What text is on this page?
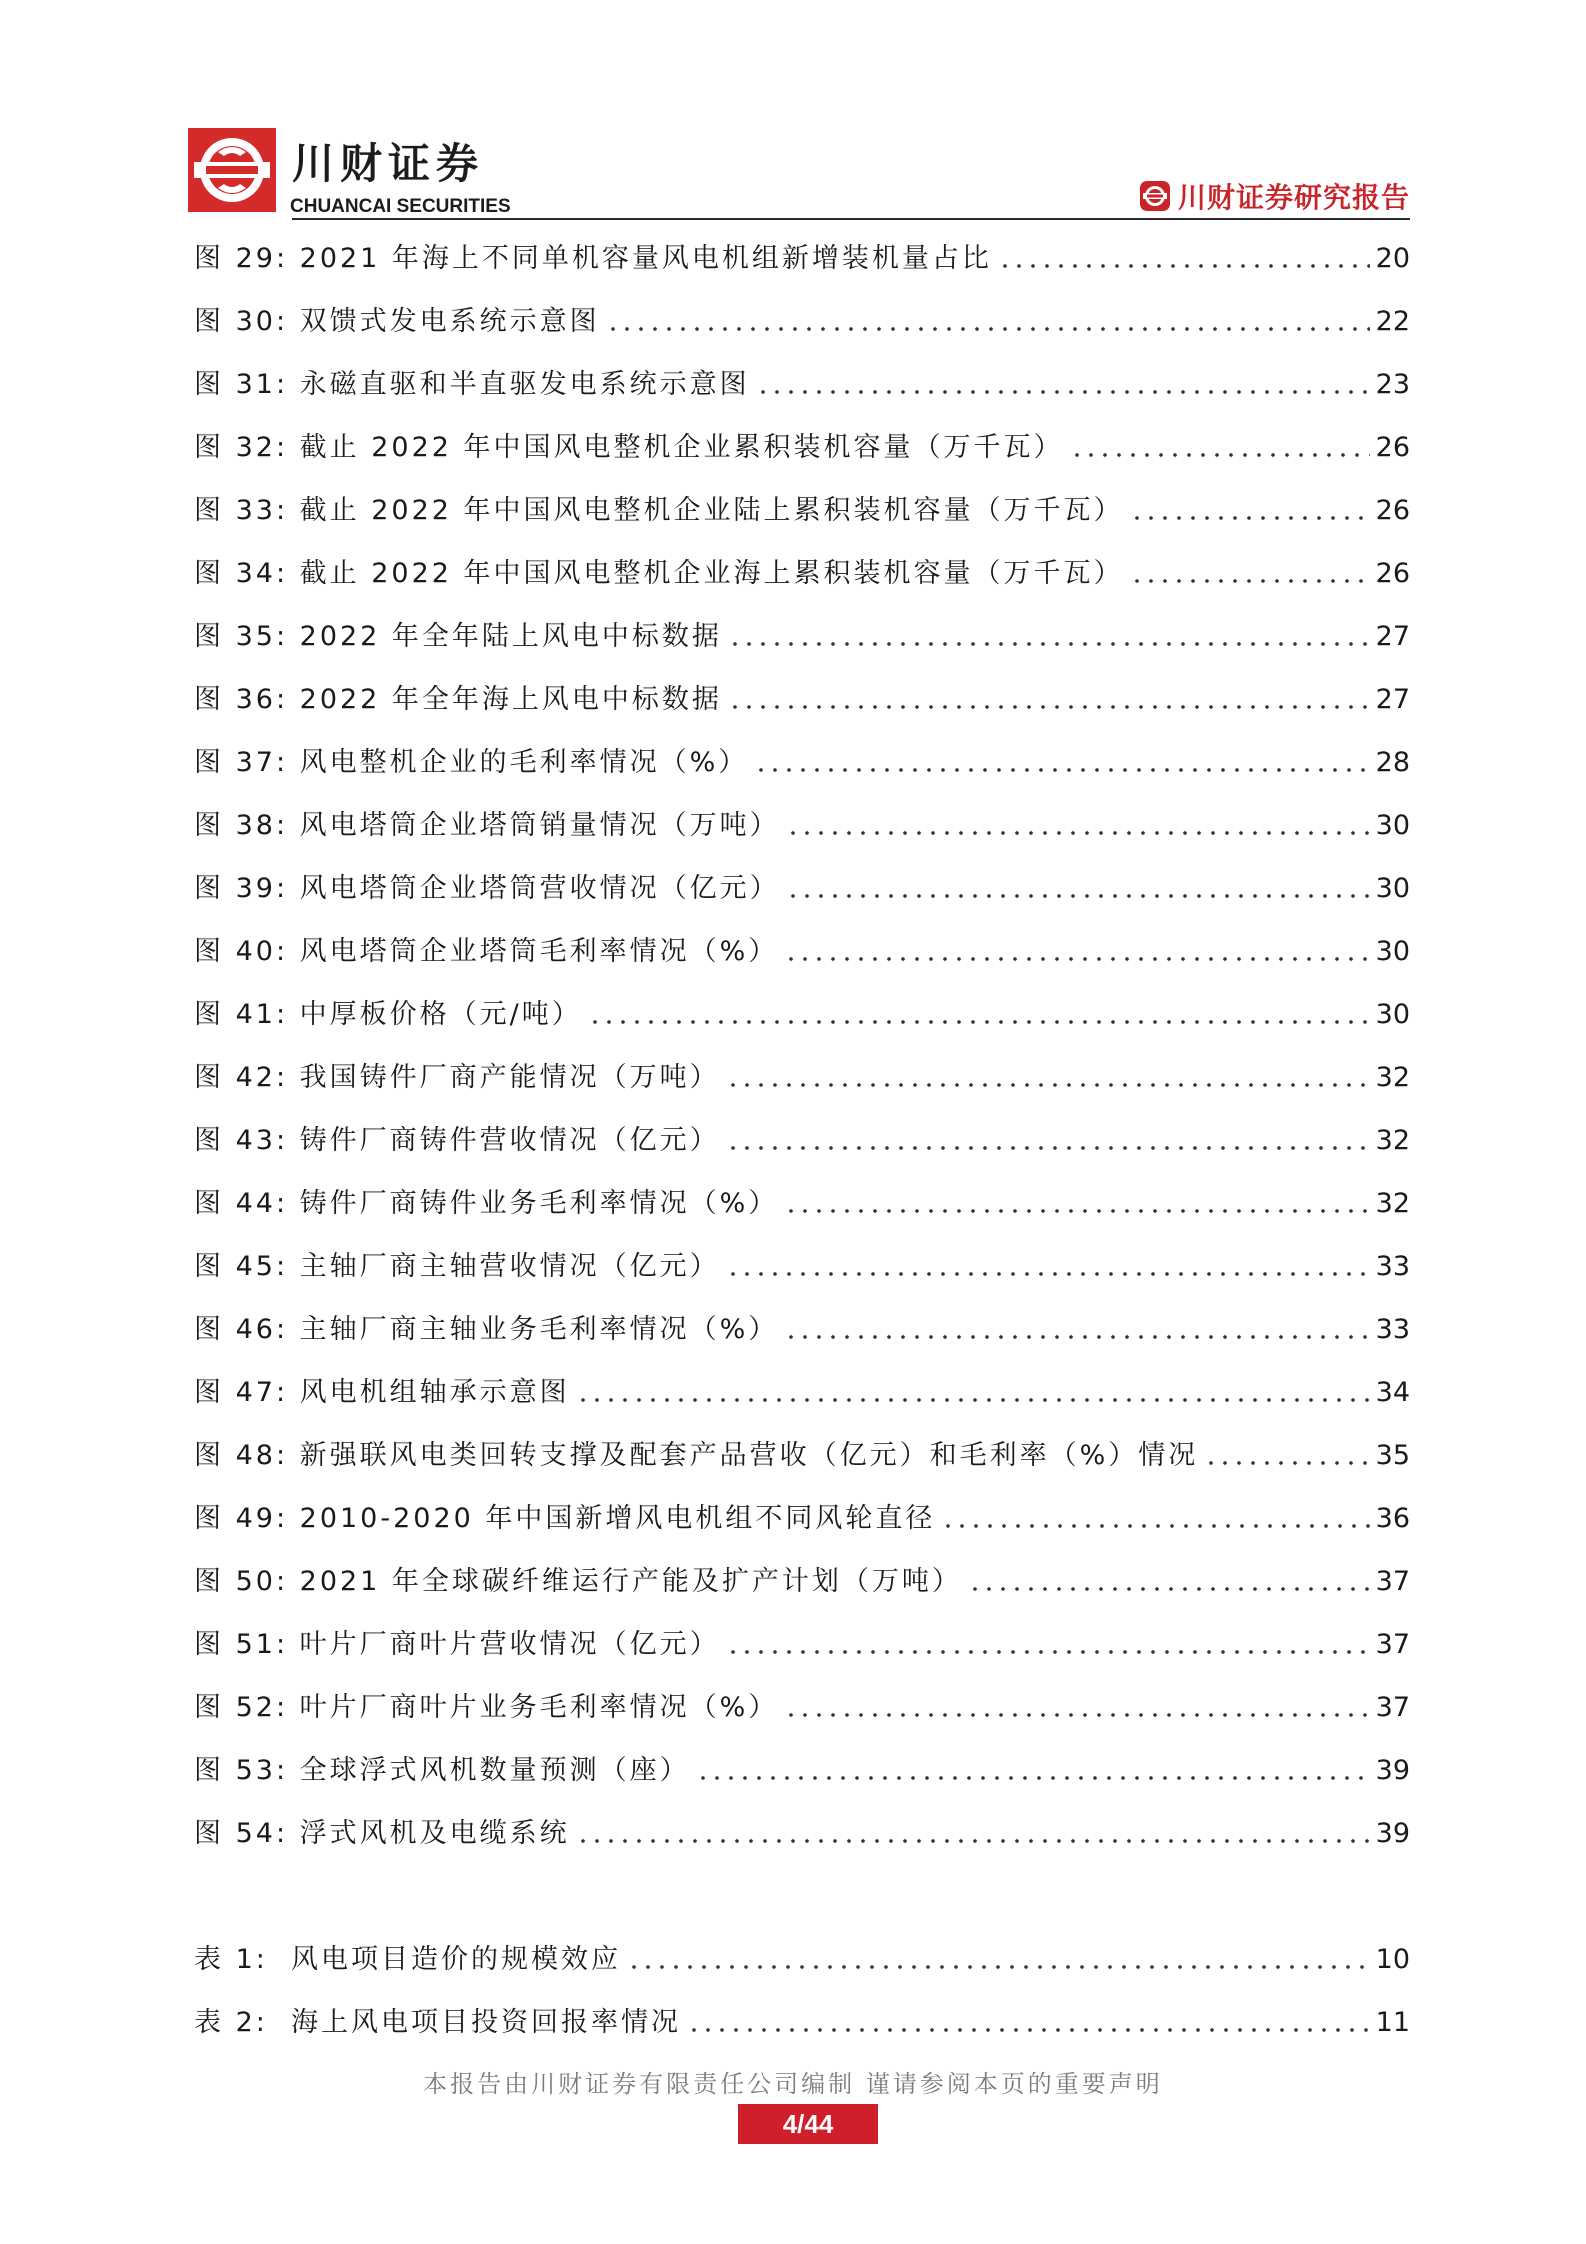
川财证券
CHUANCAI SECURITIES	川财证券研究报告
图 29: 2021 年海上不同单机容量风电机组新增装机量占比	20
图 30: 双馈式发电系统示意图	22
图 31: 永磁直驱和半直驱发电系统示意图	23
图 32: 截止 2022 年中国风电整机企业累积装机容量（万千瓦）	26
图 33: 截止 2022 年中国风电整机企业陆上累积装机容量（万千瓦）	26
图 34: 截止 2022 年中国风电整机企业海上累积装机容量（万千瓦）	26
图 35: 2022 年全年陆上风电中标数据	27
图 36: 2022 年全年海上风电中标数据	27
图 37: 风电整机企业的毛利率情况（%）	28
图 38: 风电塔筒企业塔筒销量情况（万吨）	30
图 39: 风电塔筒企业塔筒营收情况（亿元）	30
图 40: 风电塔筒企业塔筒毛利率情况（%）	30
图 41: 中厚板价格（元/吨）	30
图 42: 我国铸件厂商产能情况（万吨）	32
图 43: 铸件厂商铸件营收情况（亿元）	32
图 44: 铸件厂商铸件业务毛利率情况（%）	32
图 45: 主轴厂商主轴营收情况（亿元）	33
图 46: 主轴厂商主轴业务毛利率情况（%）	33
图 47: 风电机组轴承示意图	34
图 48: 新强联风电类回转支撑及配套产品营收（亿元）和毛利率（%）情况	35
图 49: 2010-2020 年中国新增风电机组不同风轮直径	36
图 50: 2021 年全球碳纤维运行产能及扩产计划（万吨）	37
图 51: 叶片厂商叶片营收情况（亿元）	37
图 52: 叶片厂商叶片业务毛利率情况（%）	37
图 53: 全球浮式风机数量预测（座）	39
图 54: 浮式风机及电缆系统	39
表 1: 风电项目造价的规模效应	10
表 2: 海上风电项目投资回报率情况	11
本报告由川财证券有限责任公司编制 谨请参阅本页的重要声明
4/44
